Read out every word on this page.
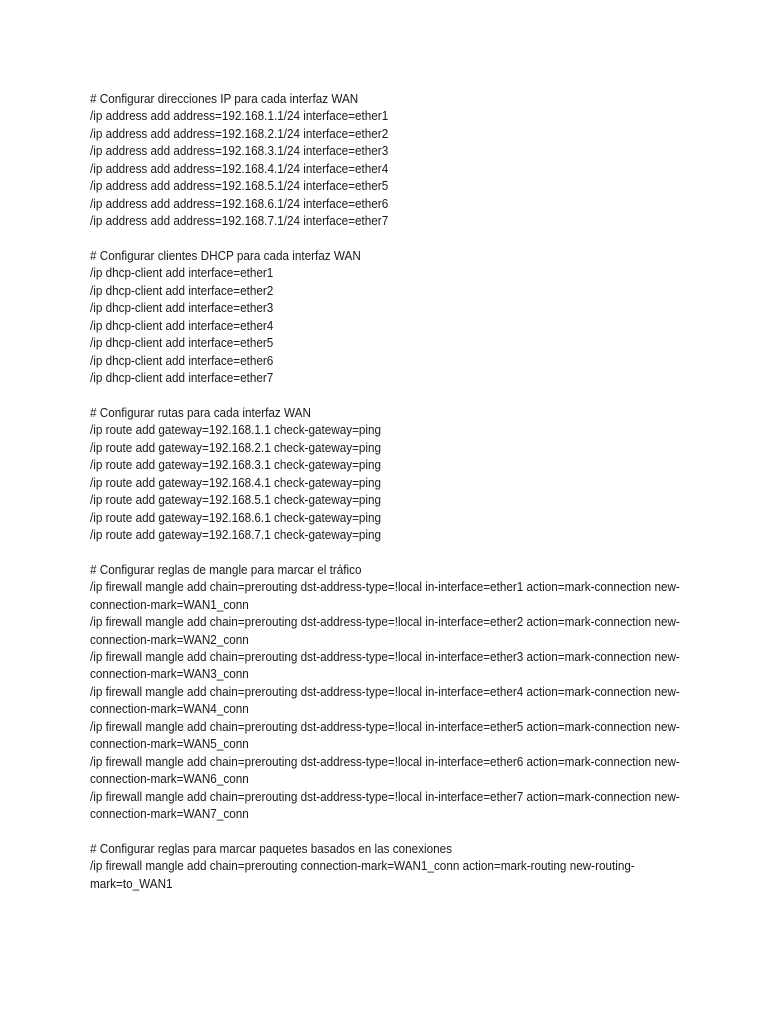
# Configurar direcciones IP para cada interfaz WAN
/ip address add address=192.168.1.1/24 interface=ether1
/ip address add address=192.168.2.1/24 interface=ether2
/ip address add address=192.168.3.1/24 interface=ether3
/ip address add address=192.168.4.1/24 interface=ether4
/ip address add address=192.168.5.1/24 interface=ether5
/ip address add address=192.168.6.1/24 interface=ether6
/ip address add address=192.168.7.1/24 interface=ether7
# Configurar clientes DHCP para cada interfaz WAN
/ip dhcp-client add interface=ether1
/ip dhcp-client add interface=ether2
/ip dhcp-client add interface=ether3
/ip dhcp-client add interface=ether4
/ip dhcp-client add interface=ether5
/ip dhcp-client add interface=ether6
/ip dhcp-client add interface=ether7
# Configurar rutas para cada interfaz WAN
/ip route add gateway=192.168.1.1 check-gateway=ping
/ip route add gateway=192.168.2.1 check-gateway=ping
/ip route add gateway=192.168.3.1 check-gateway=ping
/ip route add gateway=192.168.4.1 check-gateway=ping
/ip route add gateway=192.168.5.1 check-gateway=ping
/ip route add gateway=192.168.6.1 check-gateway=ping
/ip route add gateway=192.168.7.1 check-gateway=ping
# Configurar reglas de mangle para marcar el tráfico
/ip firewall mangle add chain=prerouting dst-address-type=!local in-interface=ether1 action=mark-connection new-
connection-mark=WAN1_conn
/ip firewall mangle add chain=prerouting dst-address-type=!local in-interface=ether2 action=mark-connection new-
connection-mark=WAN2_conn
/ip firewall mangle add chain=prerouting dst-address-type=!local in-interface=ether3 action=mark-connection new-
connection-mark=WAN3_conn
/ip firewall mangle add chain=prerouting dst-address-type=!local in-interface=ether4 action=mark-connection new-
connection-mark=WAN4_conn
/ip firewall mangle add chain=prerouting dst-address-type=!local in-interface=ether5 action=mark-connection new-
connection-mark=WAN5_conn
/ip firewall mangle add chain=prerouting dst-address-type=!local in-interface=ether6 action=mark-connection new-
connection-mark=WAN6_conn
/ip firewall mangle add chain=prerouting dst-address-type=!local in-interface=ether7 action=mark-connection new-
connection-mark=WAN7_conn
# Configurar reglas para marcar paquetes basados en las conexiones
/ip firewall mangle add chain=prerouting connection-mark=WAN1_conn action=mark-routing new-routing-
mark=to_WAN1
